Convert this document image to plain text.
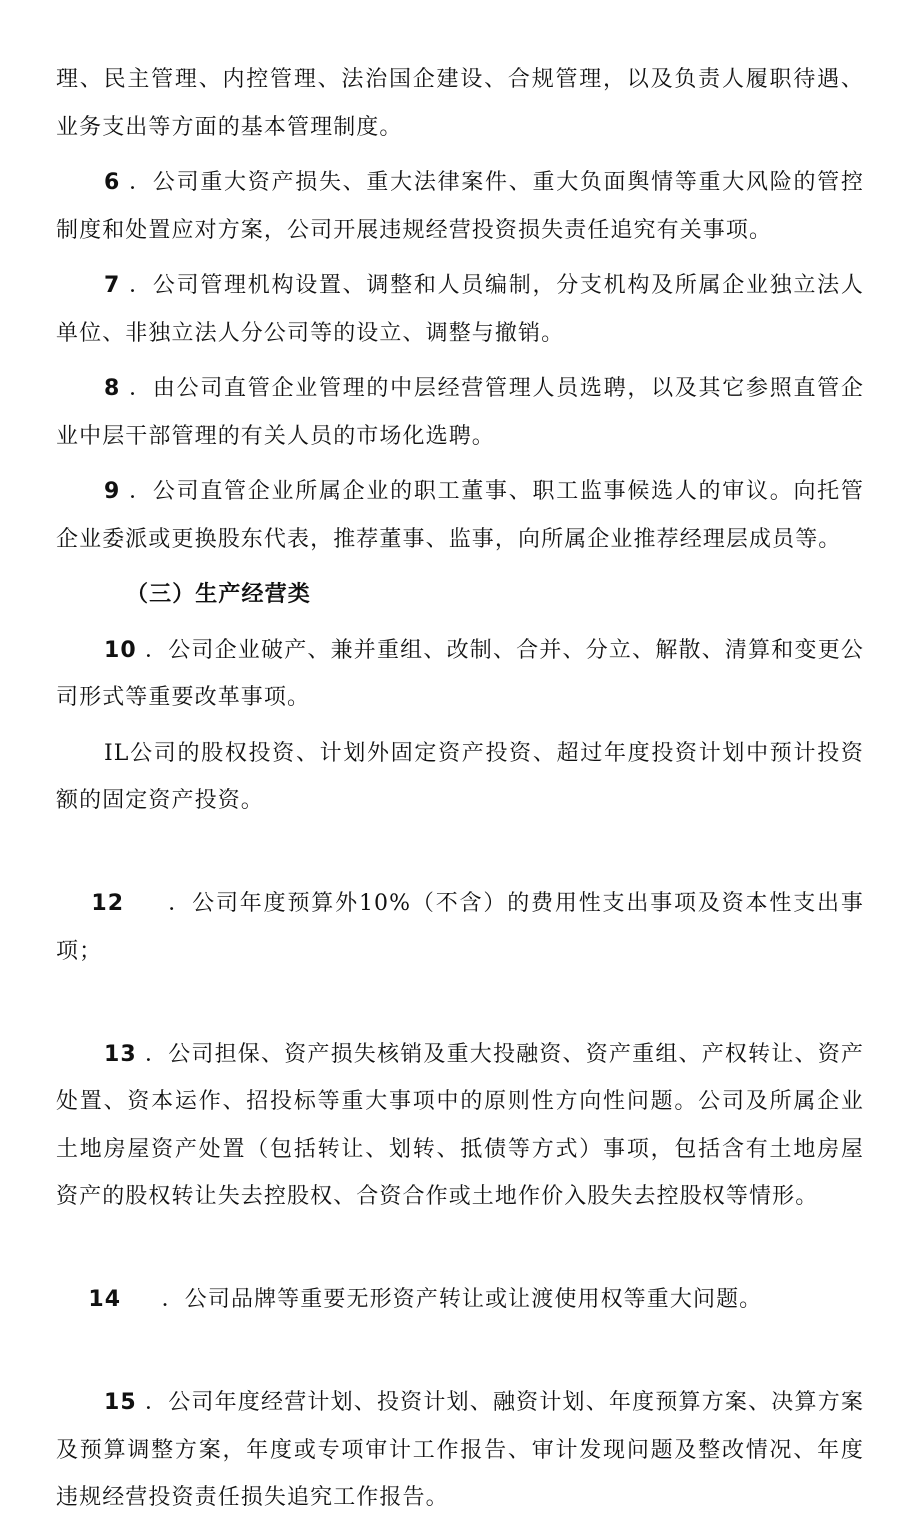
理、民主管理、内控管理、法治国企建设、合规管理，以及负责人履职待遇、业务支出等方面的基本管理制度。

6 ．公司重大资产损失、重大法律案件、重大负面舆情等重大风险的管控制度和处置应对方案，公司开展违规经营投资损失责任追究有关事项。

7 ．公司管理机构设置、调整和人员编制，分支机构及所属企业独立法人单位、非独立法人分公司等的设立、调整与撤销。

8 ．由公司直管企业管理的中层经营管理人员选聘，以及其它参照直管企业中层干部管理的有关人员的市场化选聘。

9 ．公司直管企业所属企业的职工董事、职工监事候选人的审议。向托管企业委派或更换股东代表，推荐董事、监事，向所属企业推荐经理层成员等。

（三）生产经营类

10 ．公司企业破产、兼并重组、改制、合并、分立、解散、清算和变更公司形式等重要改革事项。

IL公司的股权投资、计划外固定资产投资、超过年度投资计划中预计投资额的固定资产投资。

12     ．公司年度预算外10%（不含）的费用性支出事项及资本性支出事项；

13 ．公司担保、资产损失核销及重大投融资、资产重组、产权转让、资产处置、资本运作、招投标等重大事项中的原则性方向性问题。公司及所属企业土地房屋资产处置（包括转让、划转、抵债等方式）事项，包括含有土地房屋资产的股权转让失去控股权、合资合作或土地作价入股失去控股权等情形。

14     ．公司品牌等重要无形资产转让或让渡使用权等重大问题。

15 ．公司年度经营计划、投资计划、融资计划、年度预算方案、决算方案及预算调整方案，年度或专项审计工作报告、审计发现问题及整改情况、年度违规经营投资责任损失追究工作报告。
